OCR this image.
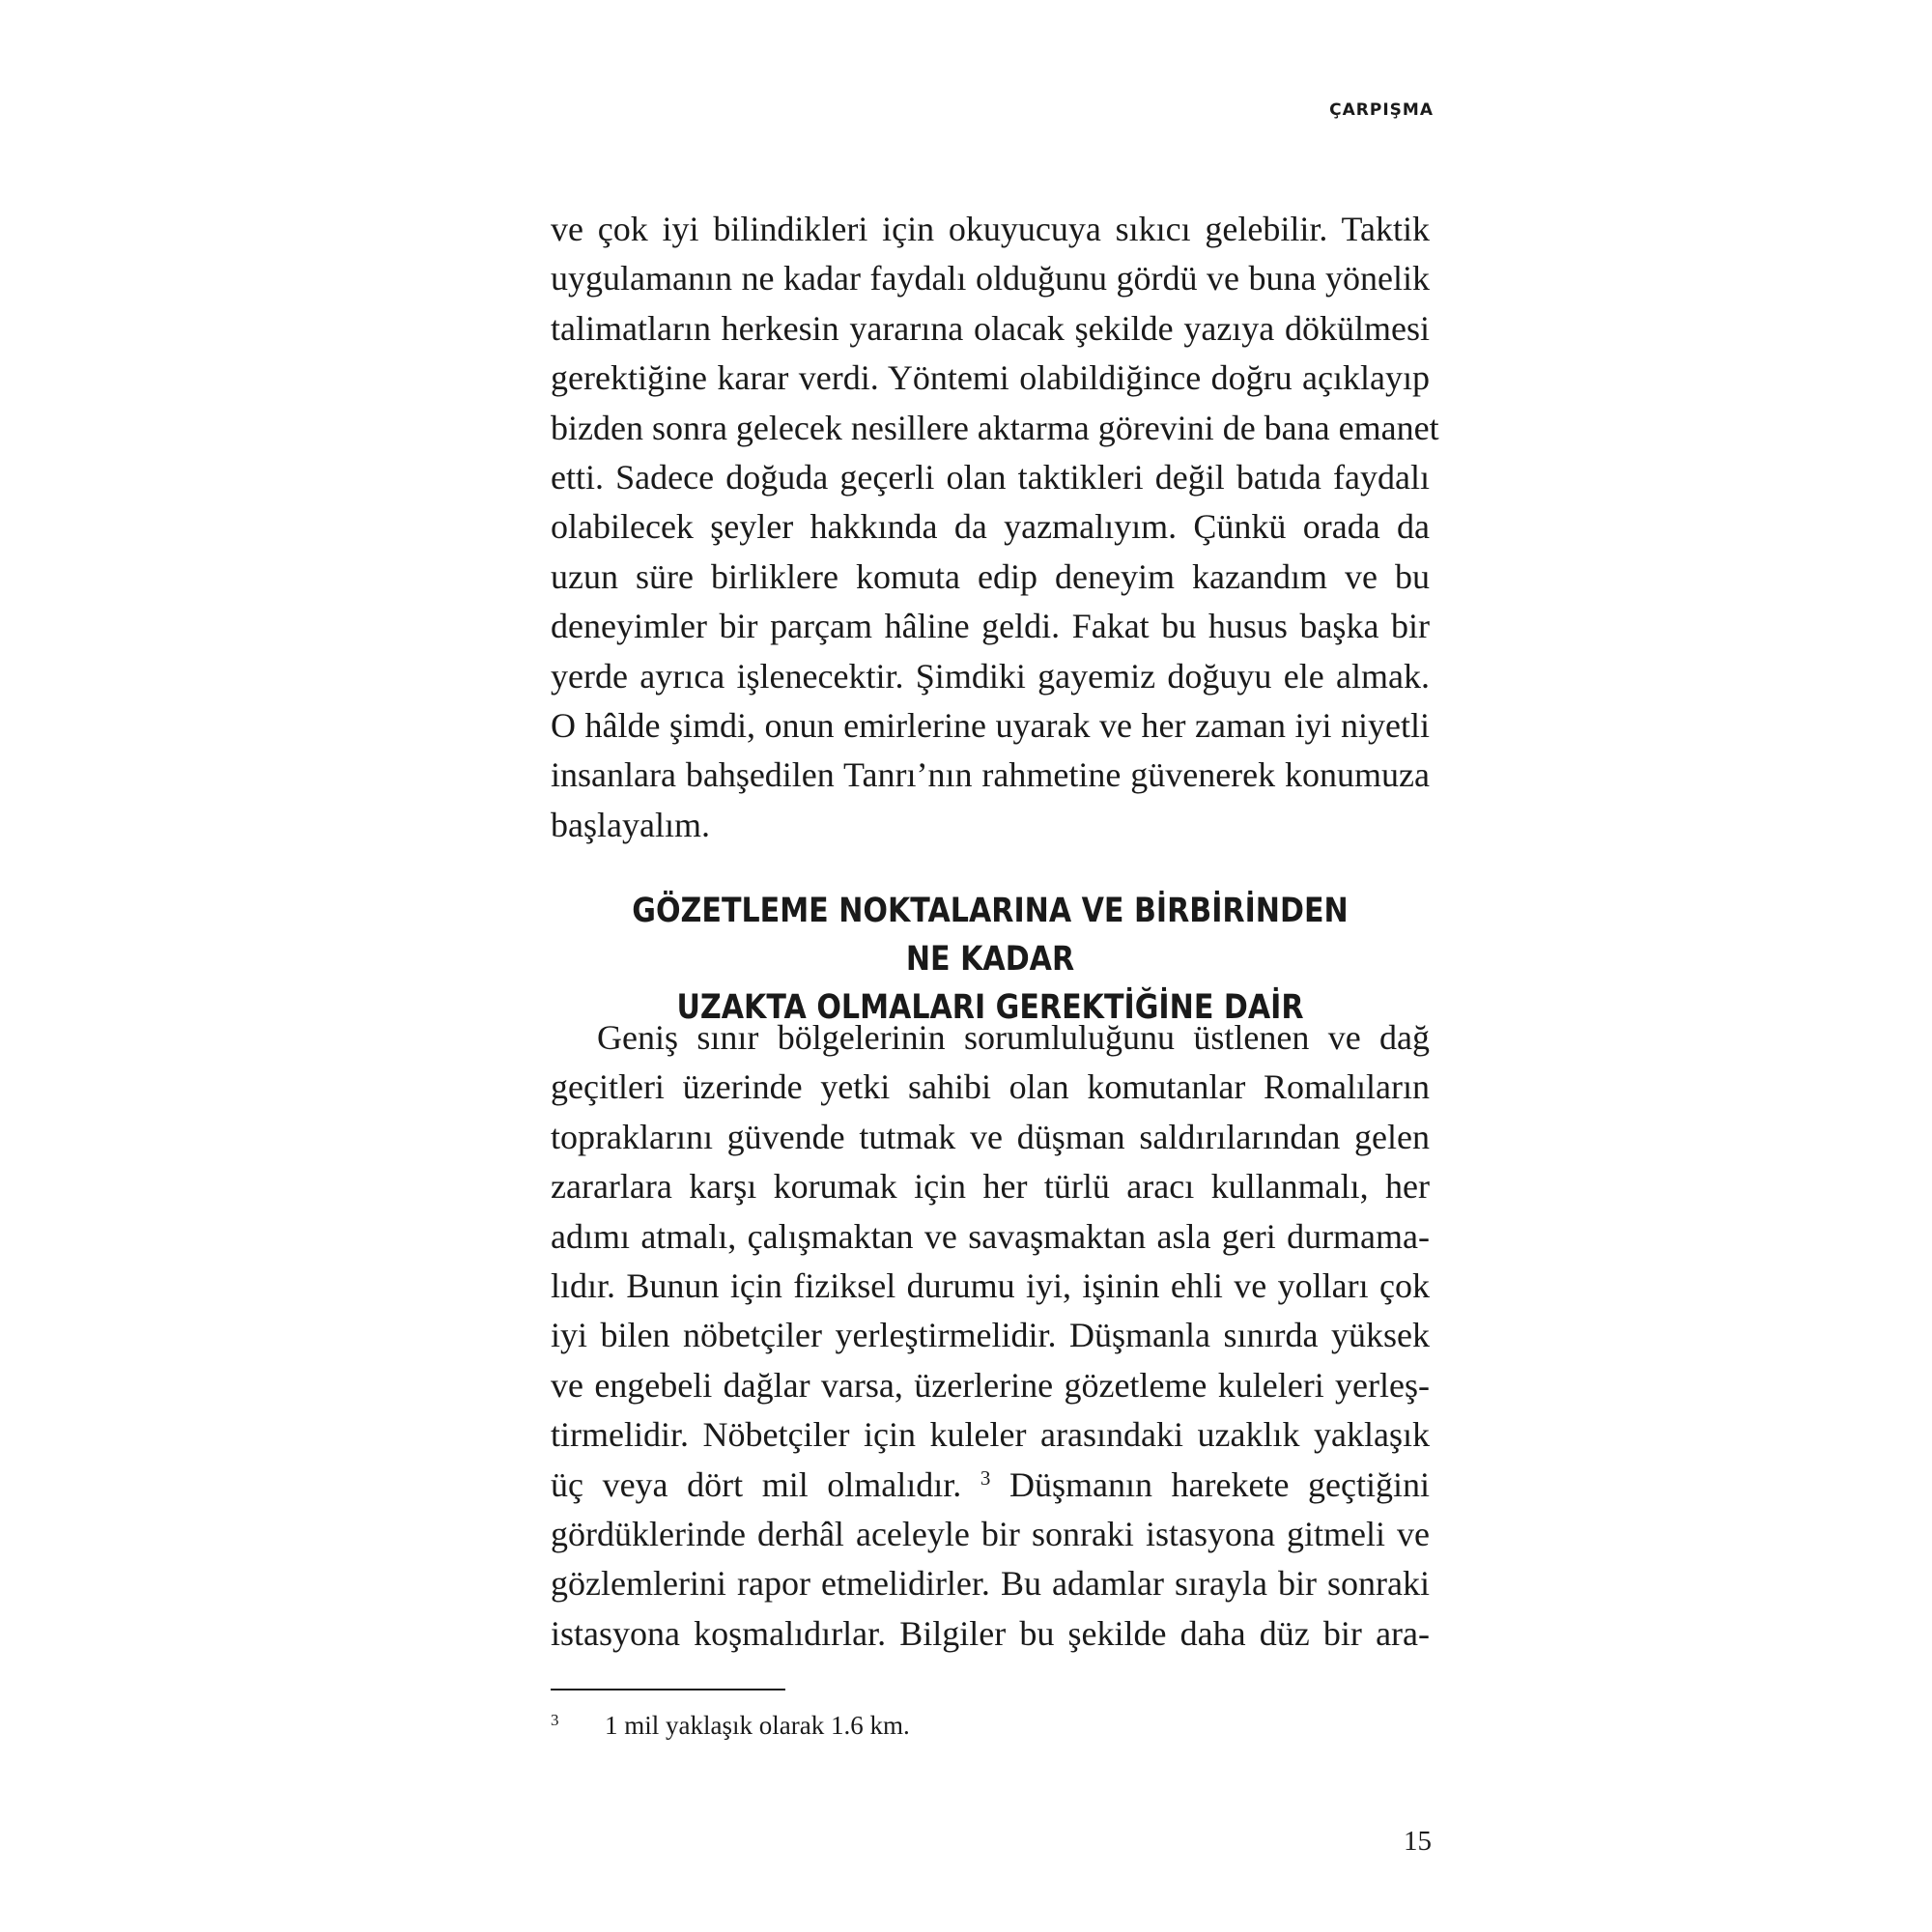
ÇARPIŞMA
ve çok iyi bilindikleri için okuyucuya sıkıcı gelebilir. Taktik
uygulamanın ne kadar faydalı olduğunu gördü ve buna yönelik
talimatların herkesin yararına olacak şekilde yazıya dökülmesi
gerektiğine karar verdi. Yöntemi olabildiğince doğru açıklayıp
bizden sonra gelecek nesillere aktarma görevini de bana emanet
etti. Sadece doğuda geçerli olan taktikleri değil batıda faydalı
olabilecek şeyler hakkında da yazmalıyım. Çünkü orada da
uzun süre birliklere komuta edip deneyim kazandım ve bu
deneyimler bir parçam hâline geldi. Fakat bu husus başka bir
yerde ayrıca işlenecektir. Şimdiki gayemiz doğuyu ele almak.
O hâlde şimdi, onun emirlerine uyarak ve her zaman iyi niyetli
insanlara bahşedilen Tanrı’nın rahmetine güvenerek konumuza
başlayalım.
GÖZETLEME NOKTALARINA VE BİRBİRİNDEN NE KADAR
UZAKTA OLMALARI GEREKTİĞİNE DAİR
Geniş sınır bölgelerinin sorumluluğunu üstlenen ve dağ
geçitleri üzerinde yetki sahibi olan komutanlar Romalıların
topraklarını güvende tutmak ve düşman saldırılarından gelen
zararlara karşı korumak için her türlü aracı kullanmalı, her
adımı atmalı, çalışmaktan ve savaşmaktan asla geri durmama-
lıdır. Bunun için fiziksel durumu iyi, işinin ehli ve yolları çok
iyi bilen nöbetçiler yerleştirmelidir. Düşmanla sınırda yüksek
ve engebeli dağlar varsa, üzerlerine gözetleme kuleleri yerleş-
tirmelidir. Nöbetçiler için kuleler arasındaki uzaklık yaklaşık
üç veya dört mil olmalıdır. $^3$ Düşmanın harekete geçtiğini
gördüklerinde derhâl aceleyle bir sonraki istasyona gitmeli ve
gözlemlerini rapor etmelidirler. Bu adamlar sırayla bir sonraki
istasyona koşmalıdırlar. Bilgiler bu şekilde daha düz bir ara-
3 1 mil yaklaşık olarak 1.6 km.
15
